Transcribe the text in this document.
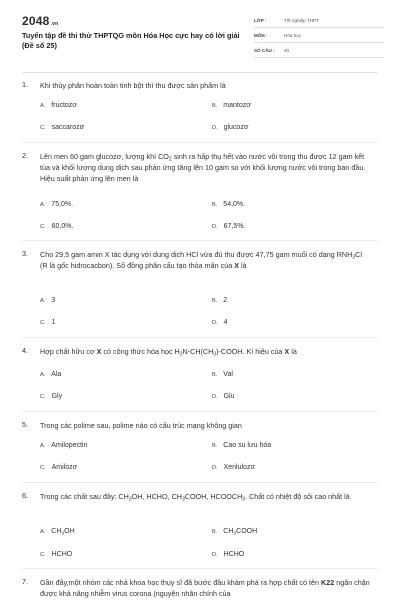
2048.vn
Tuyển tập đề thi thử THPTQG môn Hóa Học cực hay có lời giải (Đề số 25)
LỚP :	Tốt nghiệp THPT
MÔN :	Hóa học
SỐ CÂU :	40
1. Khi thủy phân hoàn toàn tinh bột thì thu được sản phẩm là
A. fructozơ	B. mantozơ
C. saccarozơ	D. glucozơ
2. Lên men 60 gam glucozơ, lượng khí $CO_2$ sinh ra hấp thụ hết vào nước vôi trong thu được 12 gam kết tủa và khối lượng dung dịch sau phản ứng tăng lên 10 gam so với khối lượng nước vôi trong ban đầu. Hiệu suất phản ứng lên men là
A. 75,0%.	B. 54,0%.
C. 60,0%.	D. 67,5%.
3. Cho 29,5 gam amin X tác dụng với dung dịch HCl vừa đủ thu được 47,75 gam muối có dạng $RNH_3Cl$ (R là gốc hidrocacbon). Số đồng phân cấu tạo thỏa mãn của X là
A. 3	B. 2
C. 1	D. 4
4. Hợp chất hữu cơ X có công thức hóa học $H_2N-CH(CH_3)$-COOH. Kí hiệu của X là
A. Ala	B. Val
C. Gly	D. Glu
5. Trong các polime sau, polime nào có cấu trúc mạng không gian
A. Amilopectin	B. Cao su lưu hóa
C. Amilozơ	D. Xenlulozơ
6. Trong các chất sau đây: $CH_3OH$, HCHO, $CH_3COOH$, $HCOOCH_3$. Chất có nhiệt độ sôi cao nhất là
A. $CH_3OH$	B. $CH_3COOH$
C. HCHO	D. HCHO
7. Gần đây,một nhóm các nhà khoa học thụy sĩ đã bước đầu khám phá ra hợp chất có tên K22 ngăn chặn được khả năng nhiễm virus corona (nguyên nhân chính của
